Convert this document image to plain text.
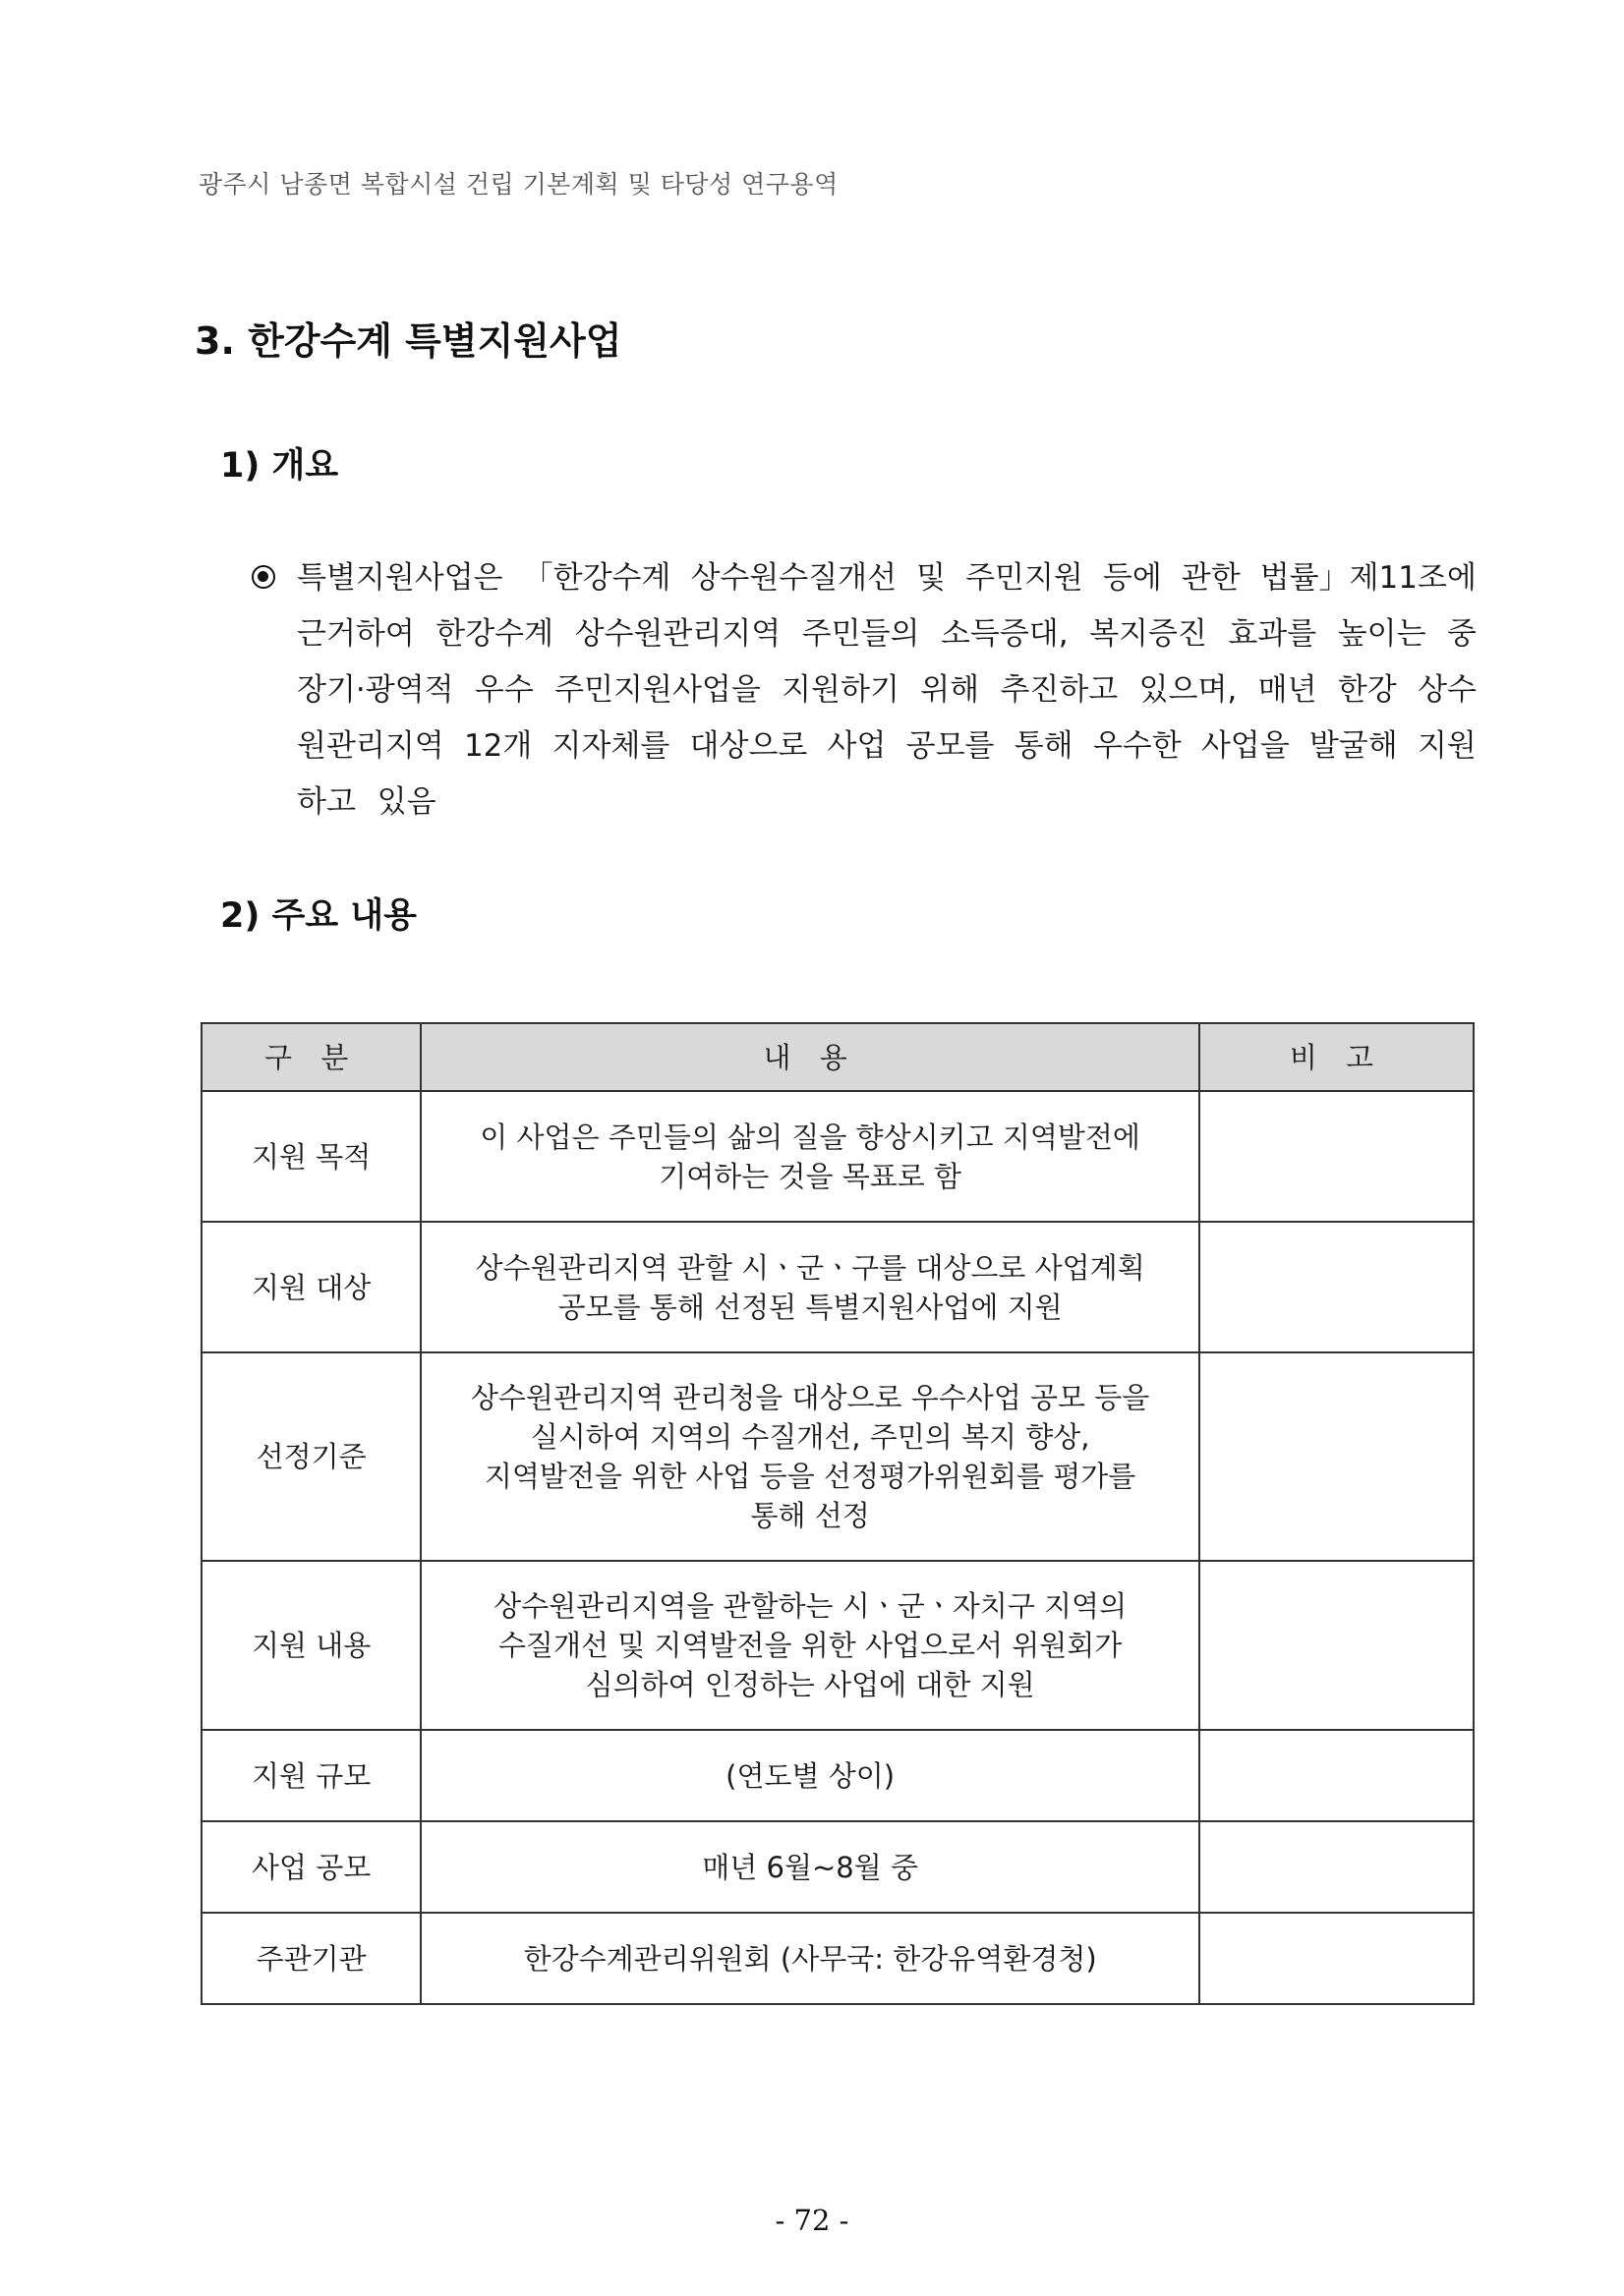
광주시 남종면 복합시설 건립 기본계획 및 타당성 연구용역
3. 한강수계 특별지원사업
1) 개요
특별지원사업은 「한강수계 상수원수질개선 및 주민지원 등에 관한 법률」제11조에
근거하여 한강수계 상수원관리지역 주민들의 소득증대, 복지증진 효과를 높이는 중
장기·광역적 우수 주민지원사업을 지원하기 위해 추진하고 있으며, 매년 한강 상수
원관리지역 12개 지자체를 대상으로 사업 공모를 통해 우수한 사업을 발굴해 지원
하고 있음
2) 주요 내용
구 분	내 용	비 고
지원 목적	이 사업은 주민들의 삶의 질을 향상시키고 지역발전에
기여하는 것을 목표로 함	

지원 대상	상수원관리지역 관할 시ㆍ군ㆍ구를 대상으로 사업계획
공모를 통해 선정된 특별지원사업에 지원	

선정기준	상수원관리지역 관리청을 대상으로 우수사업 공모 등을
실시하여 지역의 수질개선, 주민의 복지 향상,
지역발전을 위한 사업 등을 선정평가위원회를 평가를
통해 선정	

지원 내용	상수원관리지역을 관할하는 시ㆍ군ㆍ자치구 지역의
수질개선 및 지역발전을 위한 사업으로서 위원회가
심의하여 인정하는 사업에 대한 지원	

지원 규모	(연도별 상이)	

사업 공모	매년 6월~8월 중	

주관기관	한강수계관리위원회 (사무국: 한강유역환경청)	

- 72 -
